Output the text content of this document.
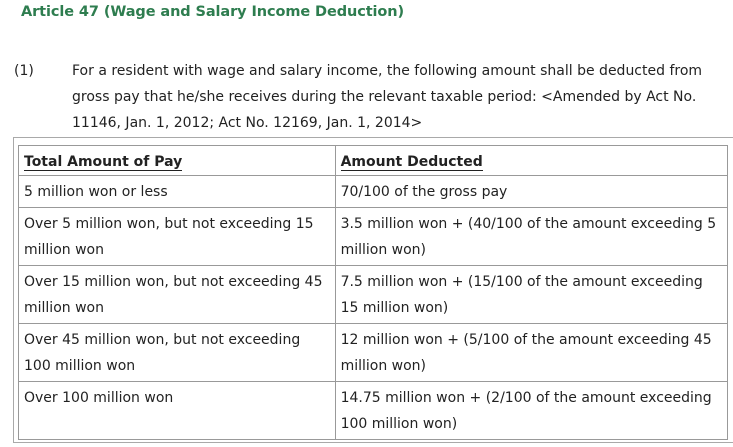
Article 47 (Wage and Salary Income Deduction)
(1)	For a resident with wage and salary income, the following amount shall be deducted from gross pay that he/she receives during the relevant taxable period: <Amended by Act No. 11146, Jan. 1, 2012; Act No. 12169, Jan. 1, 2014>

Total Amount of Pay	Amount Deducted
5 million won or less	70/100 of the gross pay
Over 5 million won, but not exceeding 15 million won	3.5 million won + (40/100 of the amount exceeding 5 million won)
Over 15 million won, but not exceeding 45 million won	7.5 million won + (15/100 of the amount exceeding 15 million won)
Over 45 million won, but not exceeding 100 million won	12 million won + (5/100 of the amount exceeding 45 million won)
Over 100 million won	14.75 million won + (2/100 of the amount exceeding 100 million won)
